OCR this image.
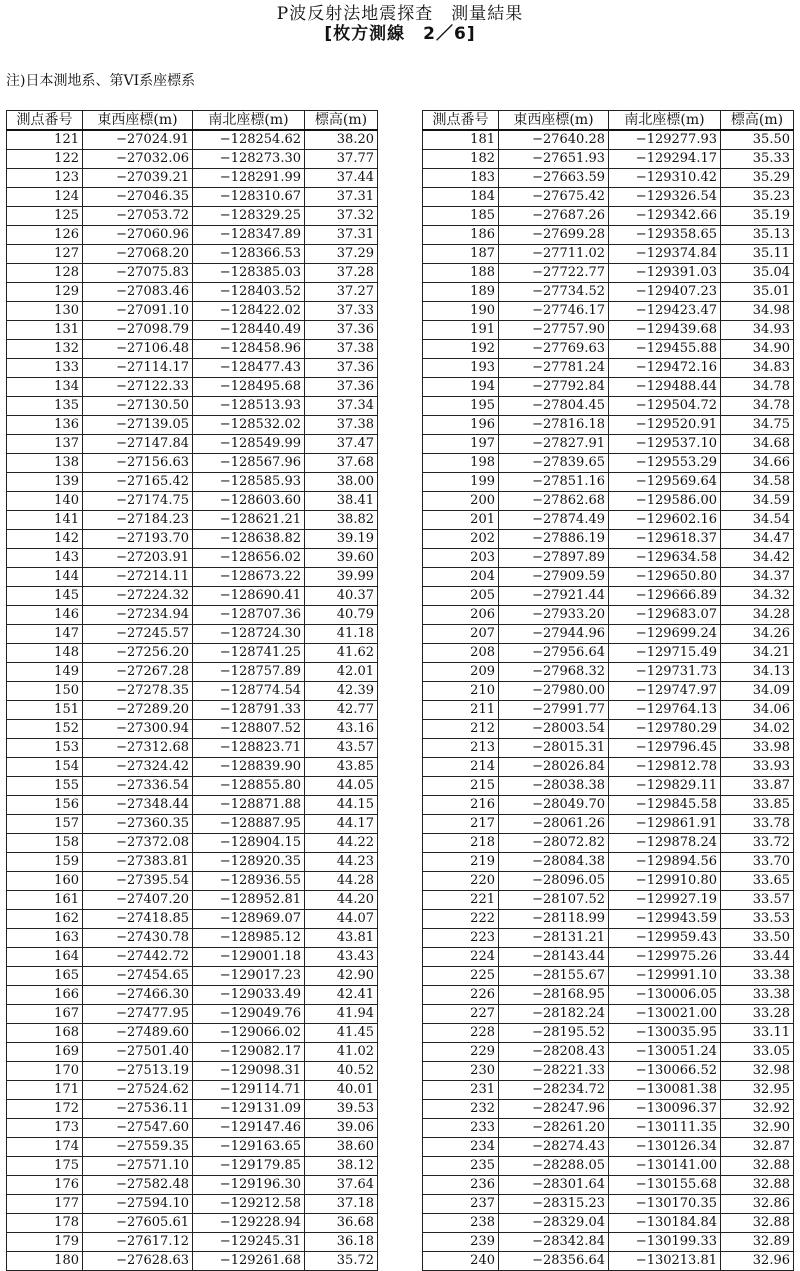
P波反射法地震探査　測量結果
[枚方測線　2／6]
注)日本測地系、第VI系座標系
測点番号	東西座標(m)	南北座標(m)	標高(m)
121	−27024.91	−128254.62	38.20
122	−27032.06	−128273.30	37.77
123	−27039.21	−128291.99	37.44
124	−27046.35	−128310.67	37.31
125	−27053.72	−128329.25	37.32
126	−27060.96	−128347.89	37.31
127	−27068.20	−128366.53	37.29
128	−27075.83	−128385.03	37.28
129	−27083.46	−128403.52	37.27
130	−27091.10	−128422.02	37.33
131	−27098.79	−128440.49	37.36
132	−27106.48	−128458.96	37.38
133	−27114.17	−128477.43	37.36
134	−27122.33	−128495.68	37.36
135	−27130.50	−128513.93	37.34
136	−27139.05	−128532.02	37.38
137	−27147.84	−128549.99	37.47
138	−27156.63	−128567.96	37.68
139	−27165.42	−128585.93	38.00
140	−27174.75	−128603.60	38.41
141	−27184.23	−128621.21	38.82
142	−27193.70	−128638.82	39.19
143	−27203.91	−128656.02	39.60
144	−27214.11	−128673.22	39.99
145	−27224.32	−128690.41	40.37
146	−27234.94	−128707.36	40.79
147	−27245.57	−128724.30	41.18
148	−27256.20	−128741.25	41.62
149	−27267.28	−128757.89	42.01
150	−27278.35	−128774.54	42.39
151	−27289.20	−128791.33	42.77
152	−27300.94	−128807.52	43.16
153	−27312.68	−128823.71	43.57
154	−27324.42	−128839.90	43.85
155	−27336.54	−128855.80	44.05
156	−27348.44	−128871.88	44.15
157	−27360.35	−128887.95	44.17
158	−27372.08	−128904.15	44.22
159	−27383.81	−128920.35	44.23
160	−27395.54	−128936.55	44.28
161	−27407.20	−128952.81	44.20
162	−27418.85	−128969.07	44.07
163	−27430.78	−128985.12	43.81
164	−27442.72	−129001.18	43.43
165	−27454.65	−129017.23	42.90
166	−27466.30	−129033.49	42.41
167	−27477.95	−129049.76	41.94
168	−27489.60	−129066.02	41.45
169	−27501.40	−129082.17	41.02
170	−27513.19	−129098.31	40.52
171	−27524.62	−129114.71	40.01
172	−27536.11	−129131.09	39.53
173	−27547.60	−129147.46	39.06
174	−27559.35	−129163.65	38.60
175	−27571.10	−129179.85	38.12
176	−27582.48	−129196.30	37.64
177	−27594.10	−129212.58	37.18
178	−27605.61	−129228.94	36.68
179	−27617.12	−129245.31	36.18
180	−27628.63	−129261.68	35.72
測点番号	東西座標(m)	南北座標(m)	標高(m)
181	−27640.28	−129277.93	35.50
182	−27651.93	−129294.17	35.33
183	−27663.59	−129310.42	35.29
184	−27675.42	−129326.54	35.23
185	−27687.26	−129342.66	35.19
186	−27699.28	−129358.65	35.13
187	−27711.02	−129374.84	35.11
188	−27722.77	−129391.03	35.04
189	−27734.52	−129407.23	35.01
190	−27746.17	−129423.47	34.98
191	−27757.90	−129439.68	34.93
192	−27769.63	−129455.88	34.90
193	−27781.24	−129472.16	34.83
194	−27792.84	−129488.44	34.78
195	−27804.45	−129504.72	34.78
196	−27816.18	−129520.91	34.75
197	−27827.91	−129537.10	34.68
198	−27839.65	−129553.29	34.66
199	−27851.16	−129569.64	34.58
200	−27862.68	−129586.00	34.59
201	−27874.49	−129602.16	34.54
202	−27886.19	−129618.37	34.47
203	−27897.89	−129634.58	34.42
204	−27909.59	−129650.80	34.37
205	−27921.44	−129666.89	34.32
206	−27933.20	−129683.07	34.28
207	−27944.96	−129699.24	34.26
208	−27956.64	−129715.49	34.21
209	−27968.32	−129731.73	34.13
210	−27980.00	−129747.97	34.09
211	−27991.77	−129764.13	34.06
212	−28003.54	−129780.29	34.02
213	−28015.31	−129796.45	33.98
214	−28026.84	−129812.78	33.93
215	−28038.38	−129829.11	33.87
216	−28049.70	−129845.58	33.85
217	−28061.26	−129861.91	33.78
218	−28072.82	−129878.24	33.72
219	−28084.38	−129894.56	33.70
220	−28096.05	−129910.80	33.65
221	−28107.52	−129927.19	33.57
222	−28118.99	−129943.59	33.53
223	−28131.21	−129959.43	33.50
224	−28143.44	−129975.26	33.44
225	−28155.67	−129991.10	33.38
226	−28168.95	−130006.05	33.38
227	−28182.24	−130021.00	33.28
228	−28195.52	−130035.95	33.11
229	−28208.43	−130051.24	33.05
230	−28221.33	−130066.52	32.98
231	−28234.72	−130081.38	32.95
232	−28247.96	−130096.37	32.92
233	−28261.20	−130111.35	32.90
234	−28274.43	−130126.34	32.87
235	−28288.05	−130141.00	32.88
236	−28301.64	−130155.68	32.88
237	−28315.23	−130170.35	32.86
238	−28329.04	−130184.84	32.88
239	−28342.84	−130199.33	32.89
240	−28356.64	−130213.81	32.96
